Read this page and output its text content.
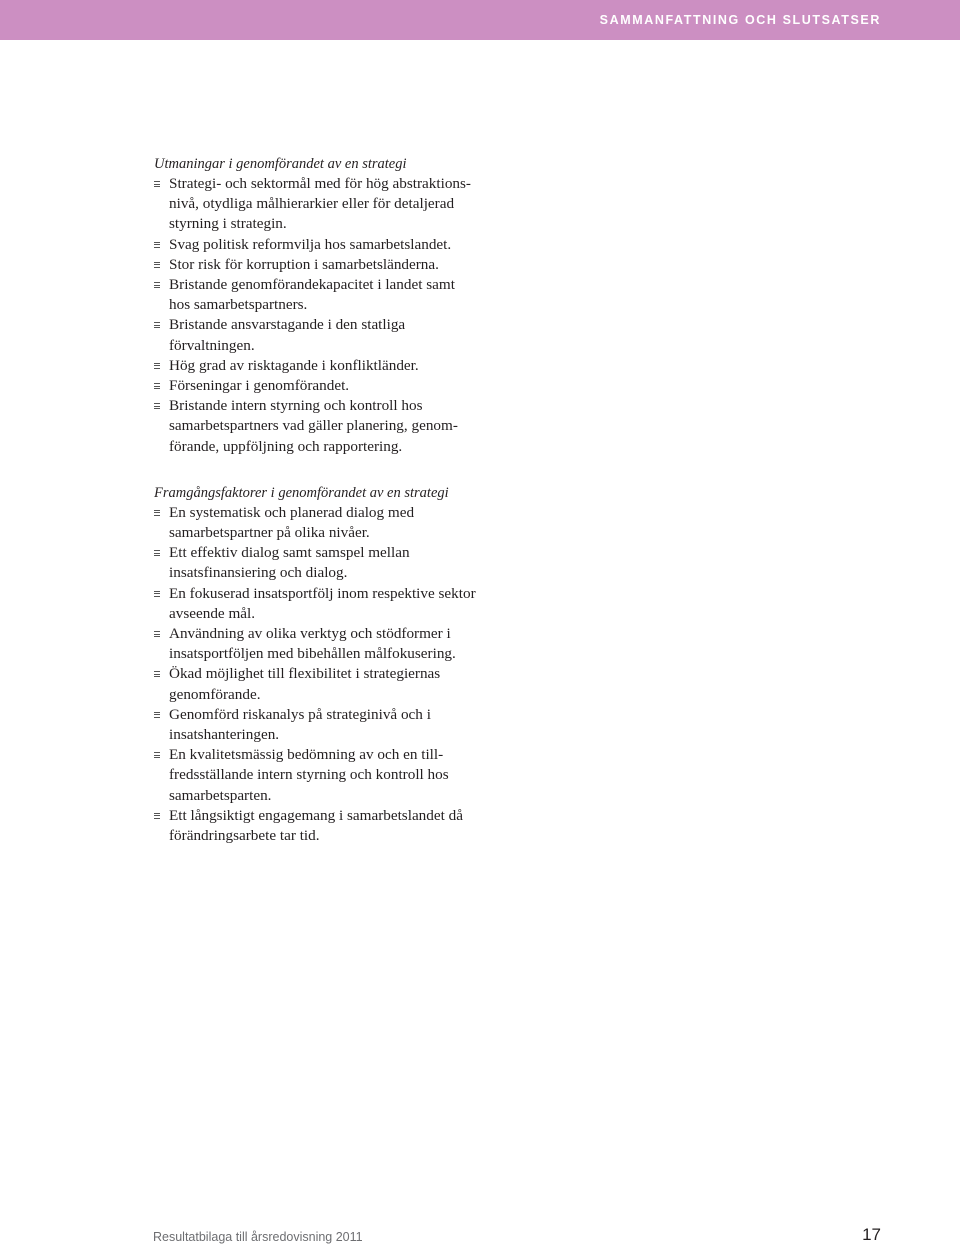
SAMMANFATTNING OCH SLUTSATSER

Utmaningar i genomförandet av en strategi

Strategi- och sektormål med för hög abstraktions-
nivå, otydliga målhierarkier eller för detaljerad
styrning i strategin.
Svag politisk reformvilja hos samarbetslandet.
Stor risk för korruption i samarbetsländerna.
Bristande genomförandekapacitet i landet samt
hos samarbetspartners.
Bristande ansvarstagande i den statliga
förvaltningen.
Hög grad av risktagande i konfliktländer.
Förseningar i genomförandet.
Bristande intern styrning och kontroll hos
samarbetspartners vad gäller planering, genom-
förande, uppföljning och rapportering.

Framgångsfaktorer i genomförandet av en strategi

En systematisk och planerad dialog med
samarbetspartner på olika nivåer.
Ett effektiv dialog samt samspel mellan
insatsfinansiering och dialog.
En fokuserad insatsportfölj inom respektive sektor
avseende mål.
Användning av olika verktyg och stödformer i
insatsportföljen med bibehållen målfokusering.
Ökad möjlighet till flexibilitet i strategiernas
genomförande.
Genomförd riskanalys på strateginivå och i
insatshanteringen.
En kvalitetsmässig bedömning av och en till-
fredsställande intern styrning och kontroll hos
samarbetsparten.
Ett långsiktigt engagemang i samarbetslandet då
förändringsarbete tar tid.
Resultatbilaga till årsredovisning 2011	17
